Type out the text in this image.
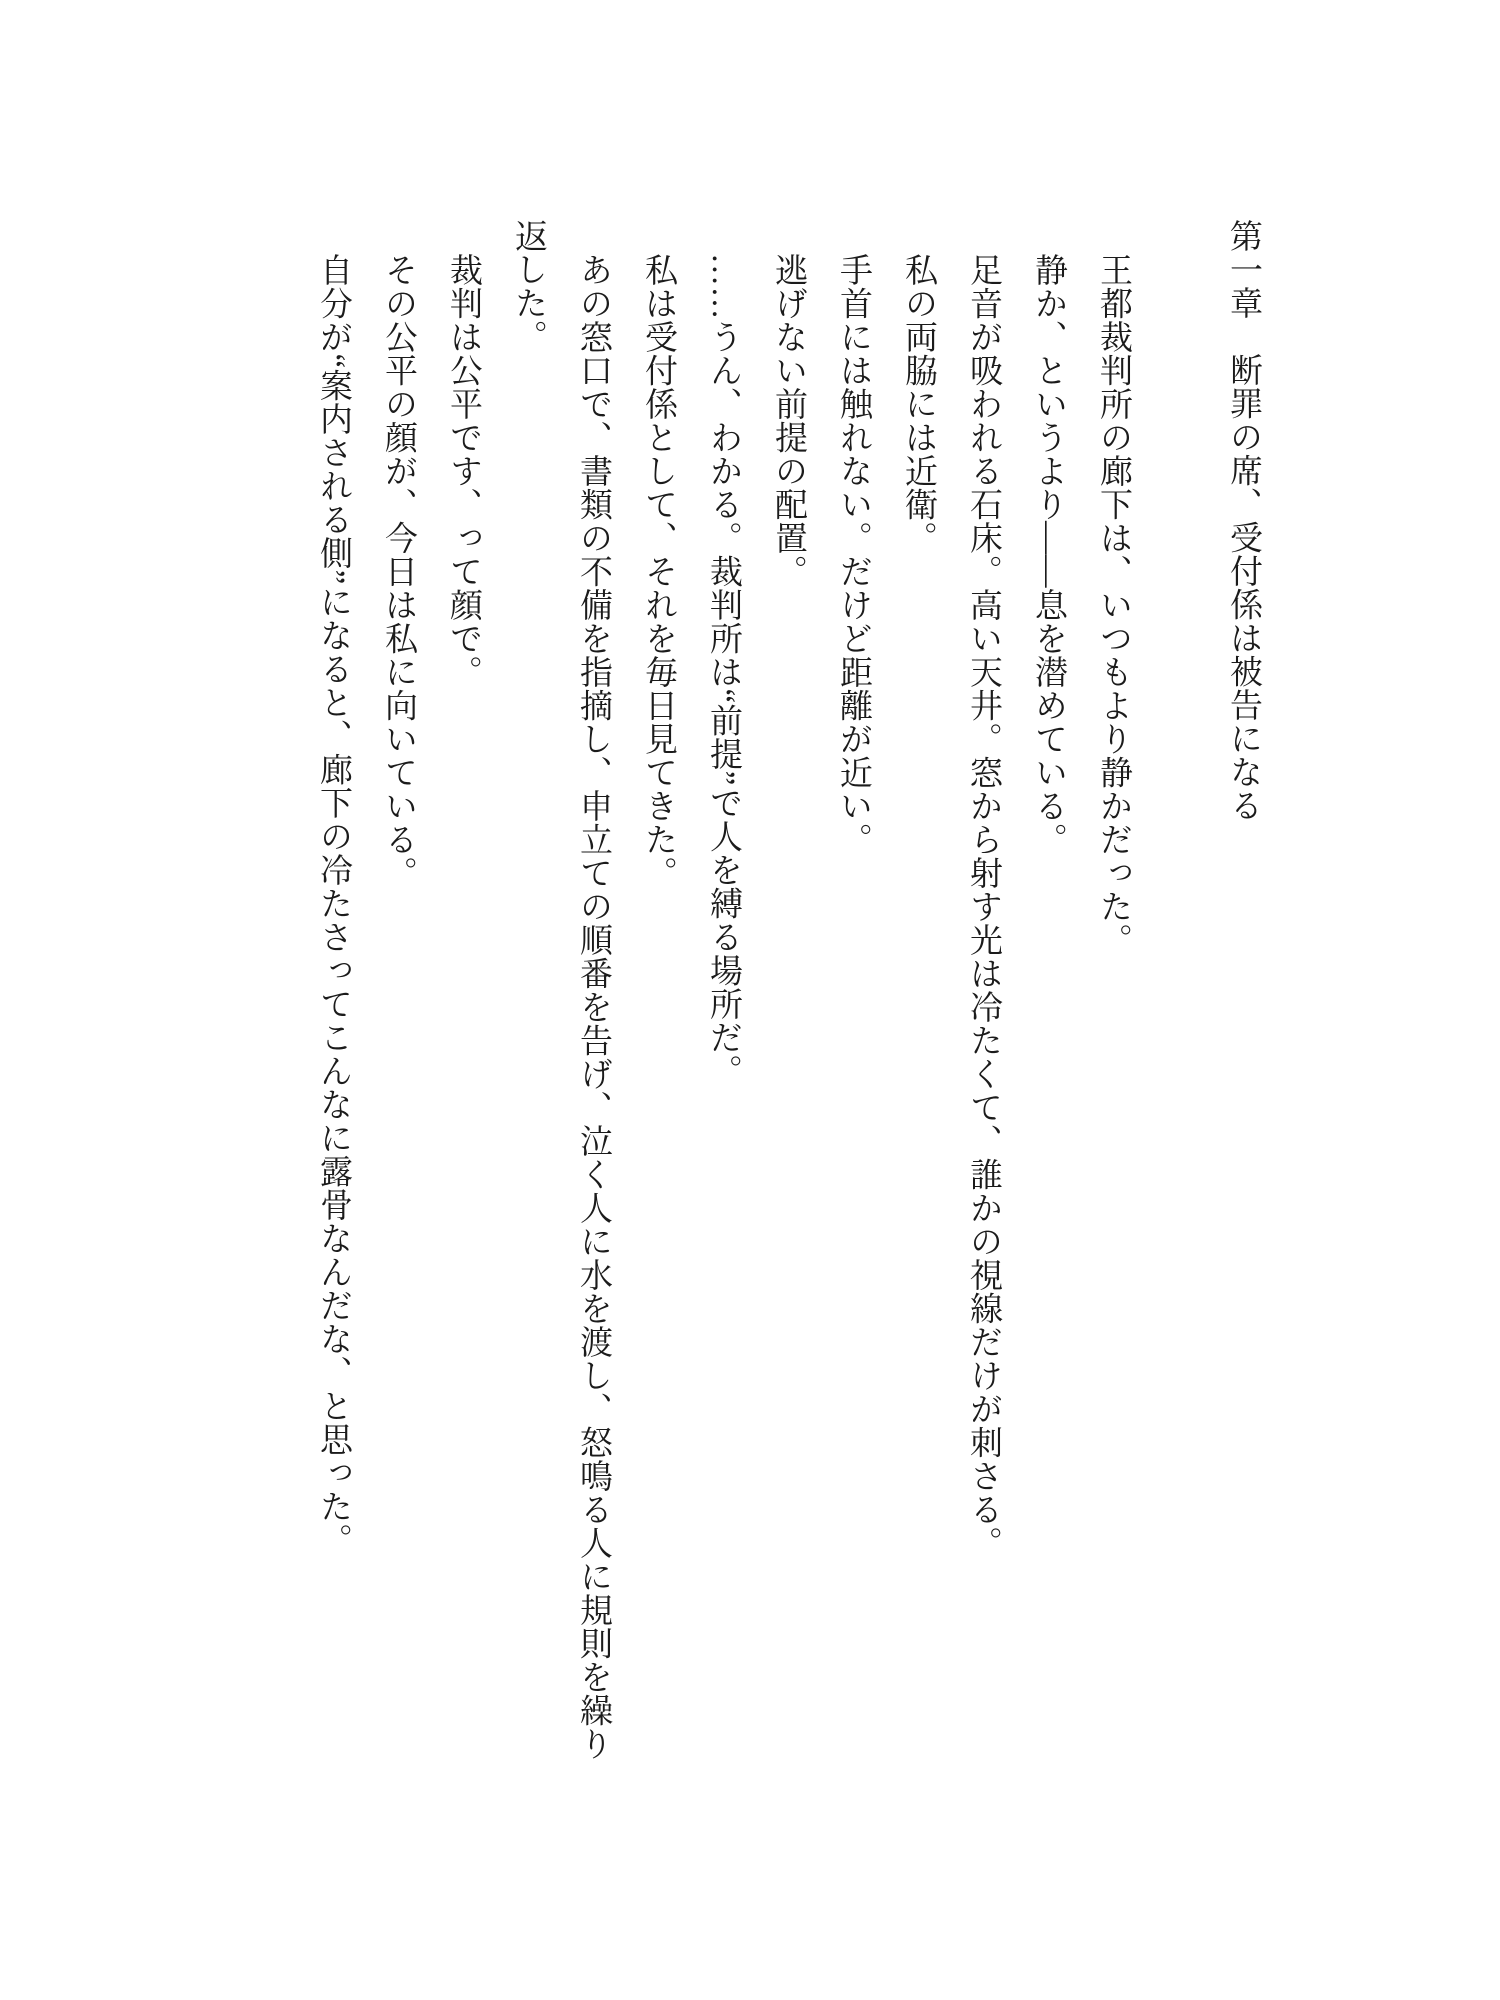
第一章　断罪の席、受付係は被告になる

王都裁判所の廊下は、いつもより静かだった。

静か、というより――息を潜めている。

足音が吸われる石床。高い天井。窓から射す光は冷たくて、誰かの視線だけが刺さる。

私の両脇には近衛。

手首には触れない。だけど距離が近い。

逃げない前提の配置。

……うん、わかる。裁判所は“前提”で人を縛る場所だ。

私は受付係として、それを毎日見てきた。

あの窓口で、書類の不備を指摘し、申立ての順番を告げ、泣く人に水を渡し、怒鳴る人に規則を繰り

返した。

裁判は公平です、って顔で。

その公平の顔が、今日は私に向いている。

自分が“案内される側”になると、廊下の冷たさってこんなに露骨なんだな、と思った。
